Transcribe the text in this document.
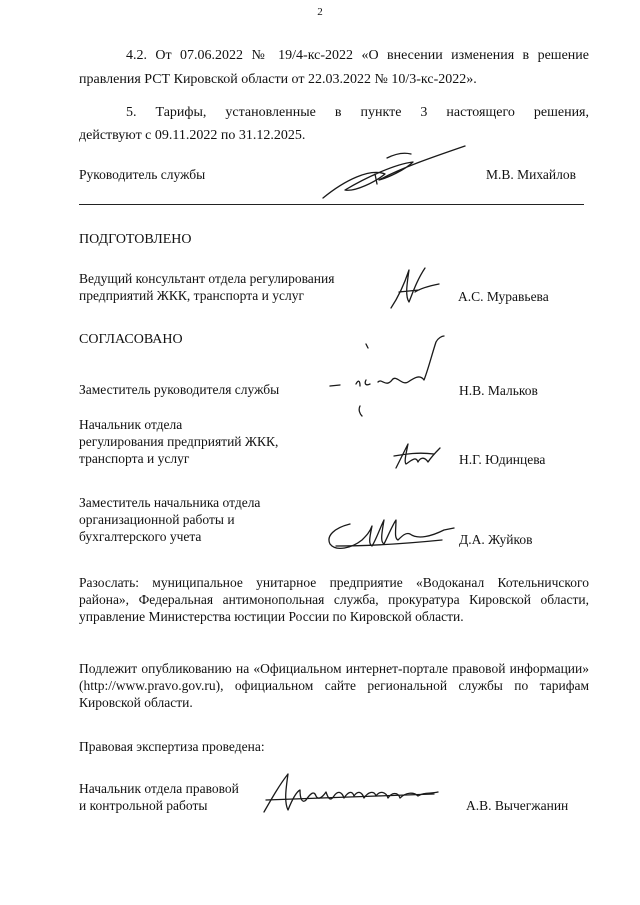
2
4.2. От 07.06.2022 № 19/4-кс-2022 «О внесении изменения в решение правления РСТ Кировской области от 22.03.2022 № 10/3-кс-2022».
5. Тарифы, установленные в пункте 3 настоящего решения,
действуют с 09.11.2022 по 31.12.2025.
Руководитель службы	М.В. Михайлов
ПОДГОТОВЛЕНО
Ведущий консультант отдела регулирования
предприятий ЖКК, транспорта и услуг	А.С. Муравьева
СОГЛАСОВАНО
Заместитель руководителя службы	Н.В. Мальков
Начальник отдела
регулирования предприятий ЖКК,
транспорта и услуг	Н.Г. Юдинцева
Заместитель начальника отдела
организационной работы и
бухгалтерского учета	Д.А. Жуйков
Разослать: муниципальное унитарное предприятие «Водоканал Котельничского района», Федеральная антимонопольная служба, прокуратура Кировской области, управление Министерства юстиции России по Кировской области.
Подлежит опубликованию на «Официальном интернет-портале правовой информации» (http://www.pravo.gov.ru), официальном сайте региональной службы по тарифам Кировской области.
Правовая экспертиза проведена:
Начальник отдела правовой
и контрольной работы	А.В. Вычегжанин
